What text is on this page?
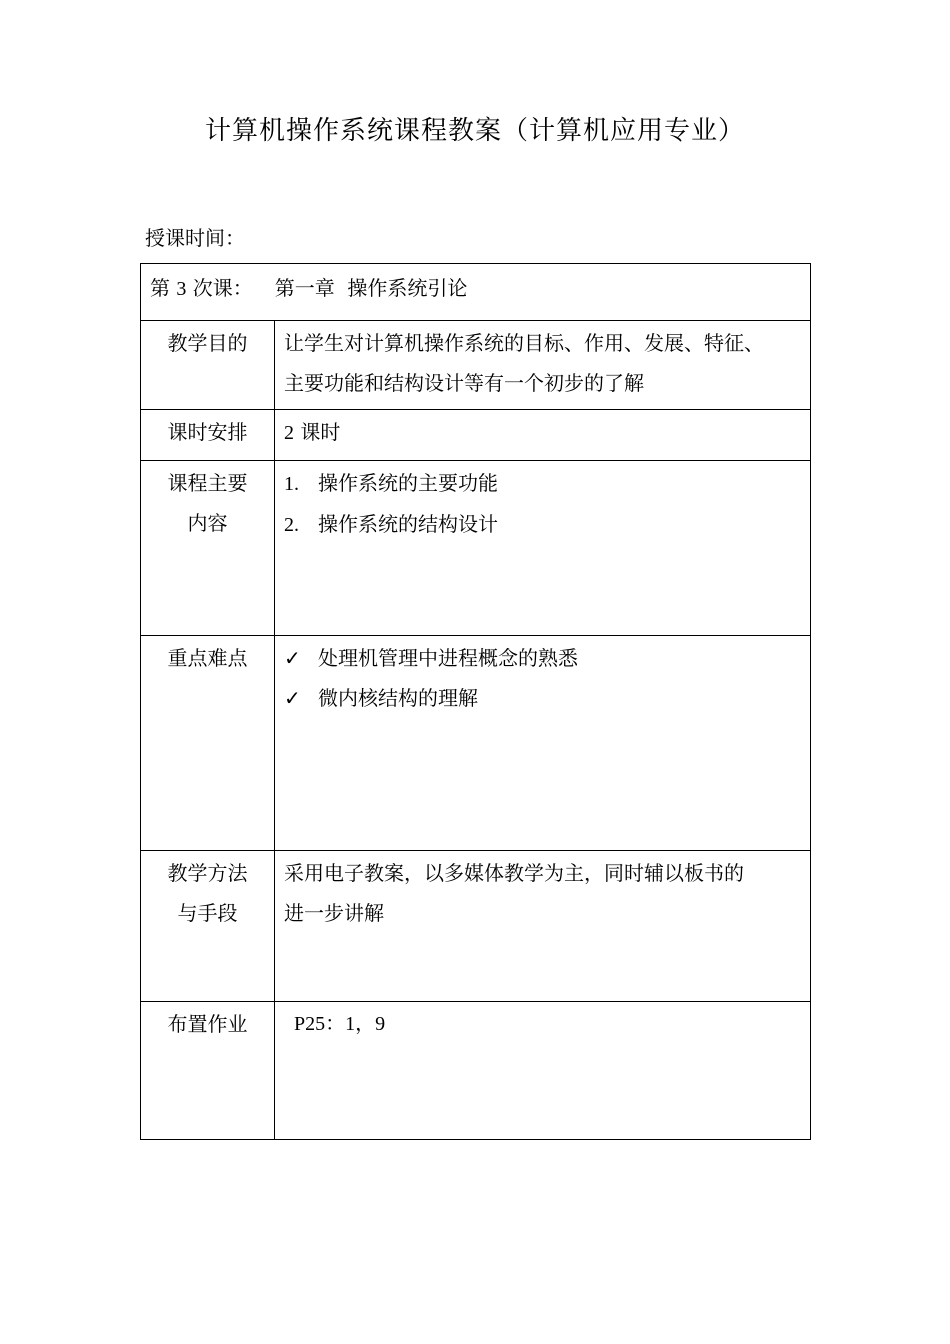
计算机操作系统课程教案（计算机应用专业）
授课时间：
第 3 次课： 第一章  操作系统引论	
教学目的	让学生对计算机操作系统的目标、作用、发展、特征、
主要功能和结构设计等有一个初步的了解

课时安排	2 课时

课程主要
内容	1. 操作系统的主要功能
2. 操作系统的结构设计

重点难点	✓ 处理机管理中进程概念的熟悉
✓ 微内核结构的理解

教学方法
与手段	采用电子教案，以多媒体教学为主，同时辅以板书的
进一步讲解

布置作业	P25：1，9
